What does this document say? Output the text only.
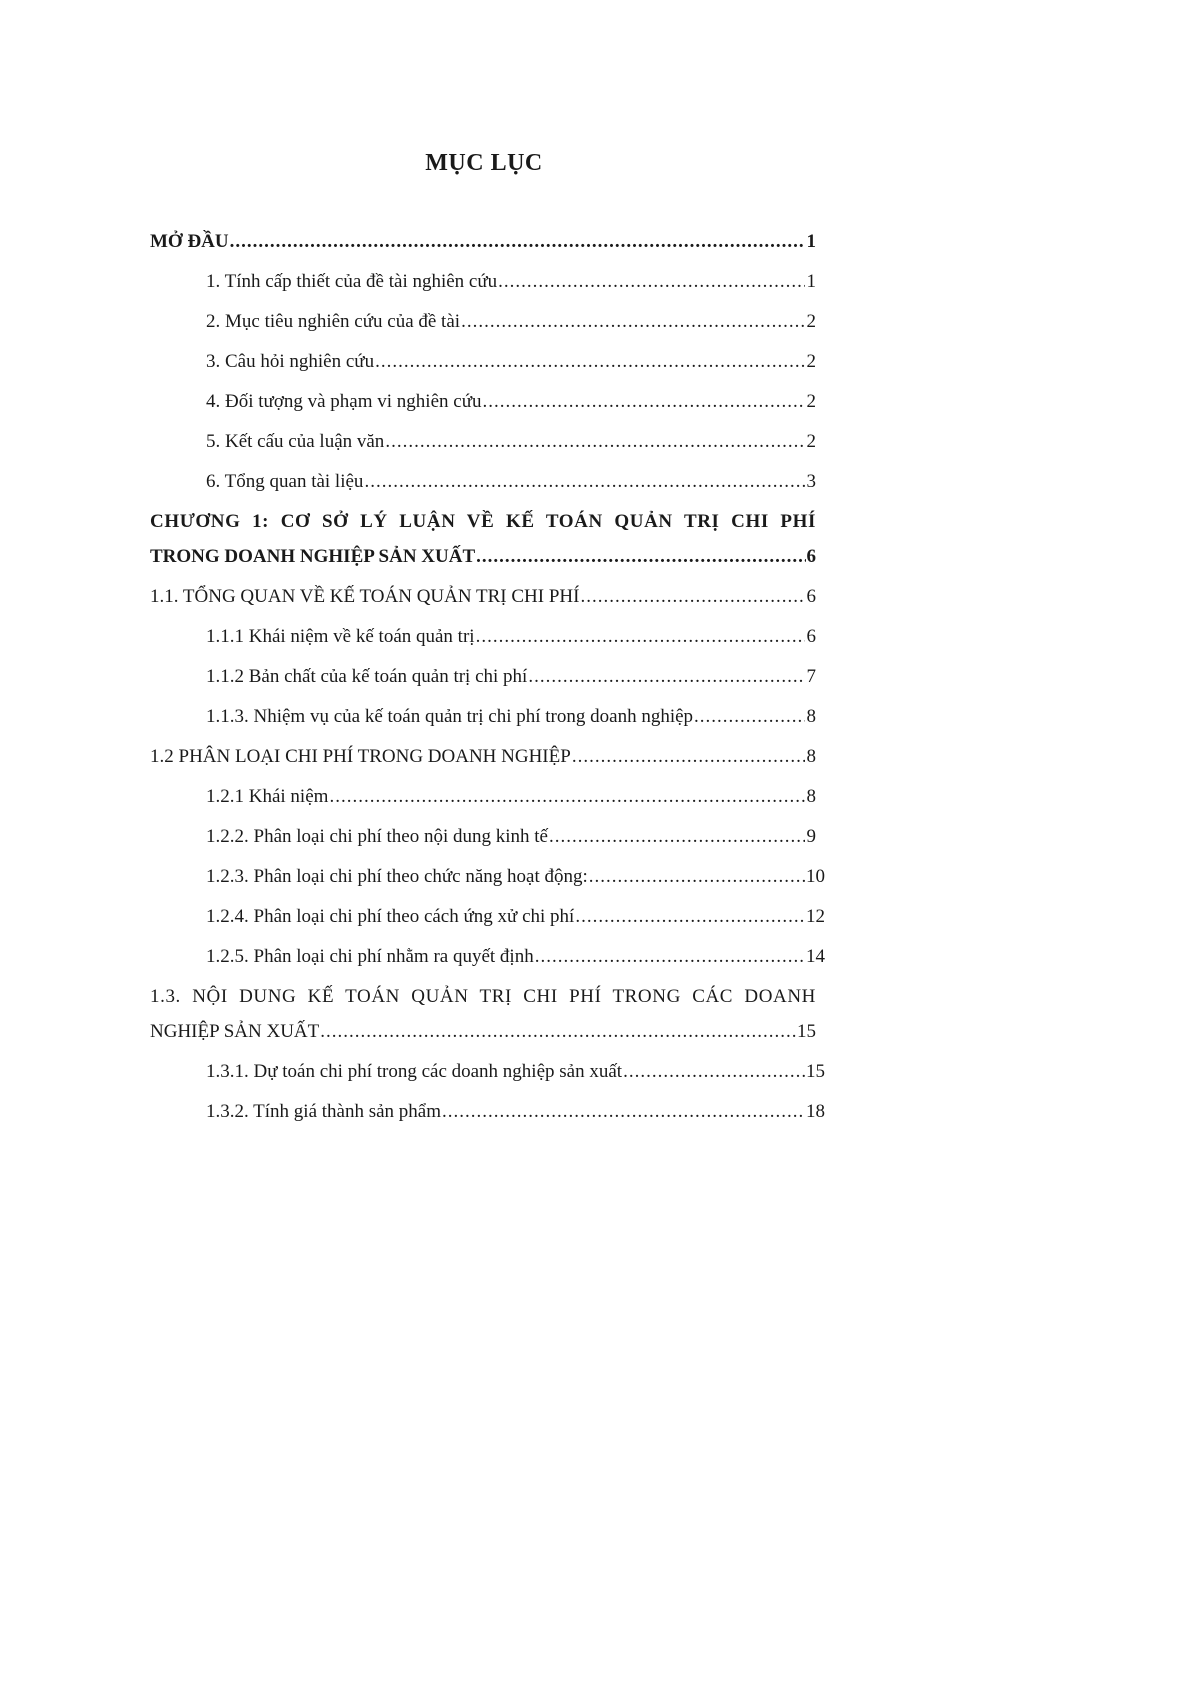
MỤC LỤC
MỞ ĐẦU .....	1
1. Tính cấp thiết của đề tài nghiên cứu .....	1
2. Mục tiêu nghiên cứu của đề tài .....	2
3. Câu hỏi nghiên cứu .....	2
4. Đối tượng và phạm vi nghiên cứu .....	2
5. Kết cấu của luận văn .....	2
6. Tổng quan tài liệu .....	3
CHƯƠNG 1: CƠ SỞ LÝ LUẬN VỀ KẾ TOÁN QUẢN TRỊ CHI PHÍ
TRONG DOANH NGHIỆP SẢN XUẤT .....	6
1.1. TỔNG QUAN VỀ KẾ TOÁN QUẢN TRỊ CHI PHÍ .....	6
1.1.1 Khái niệm về kế toán quản trị .....	6
1.1.2 Bản chất của kế toán quản trị chi phí .....	7
1.1.3. Nhiệm vụ của kế toán quản trị chi phí trong doanh nghiệp .....	8
1.2 PHÂN LOẠI CHI PHÍ TRONG DOANH NGHIỆP .....	8
1.2.1 Khái niệm .....	8
1.2.2. Phân loại chi phí theo nội dung kinh tế .....	9
1.2.3. Phân loại chi phí theo chức năng hoạt động: .....	10
1.2.4. Phân loại chi phí theo cách ứng xử chi phí .....	12
1.2.5. Phân loại chi phí nhằm ra quyết định .....	14
1.3. NỘI DUNG KẾ TOÁN QUẢN TRỊ CHI PHÍ TRONG CÁC DOANH
NGHIỆP SẢN XUẤT .....	15
1.3.1. Dự toán chi phí trong các doanh nghiệp sản xuất .....	15
1.3.2. Tính giá thành sản phẩm .....	18
